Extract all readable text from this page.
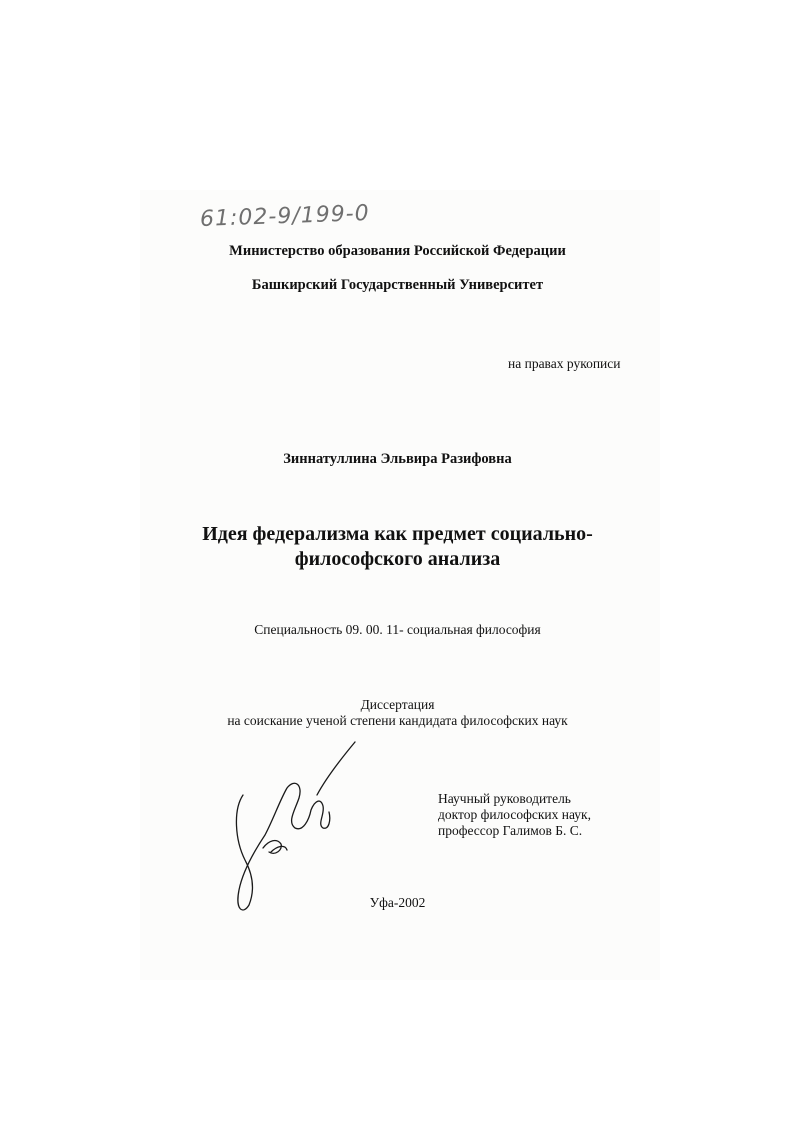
61:02-9/199-0
Министерство образования Российской Федерации
Башкирский Государственный Университет
на правах рукописи
Зиннатуллина Эльвира Разифовна
Идея федерализма как предмет социально-
философского анализа
Специальность 09. 00. 11- социальная философия
Диссертация
на соискание ученой степени кандидата философских наук
Научный руководитель
доктор философских наук,
профессор Галимов Б. С.
Уфа-2002
